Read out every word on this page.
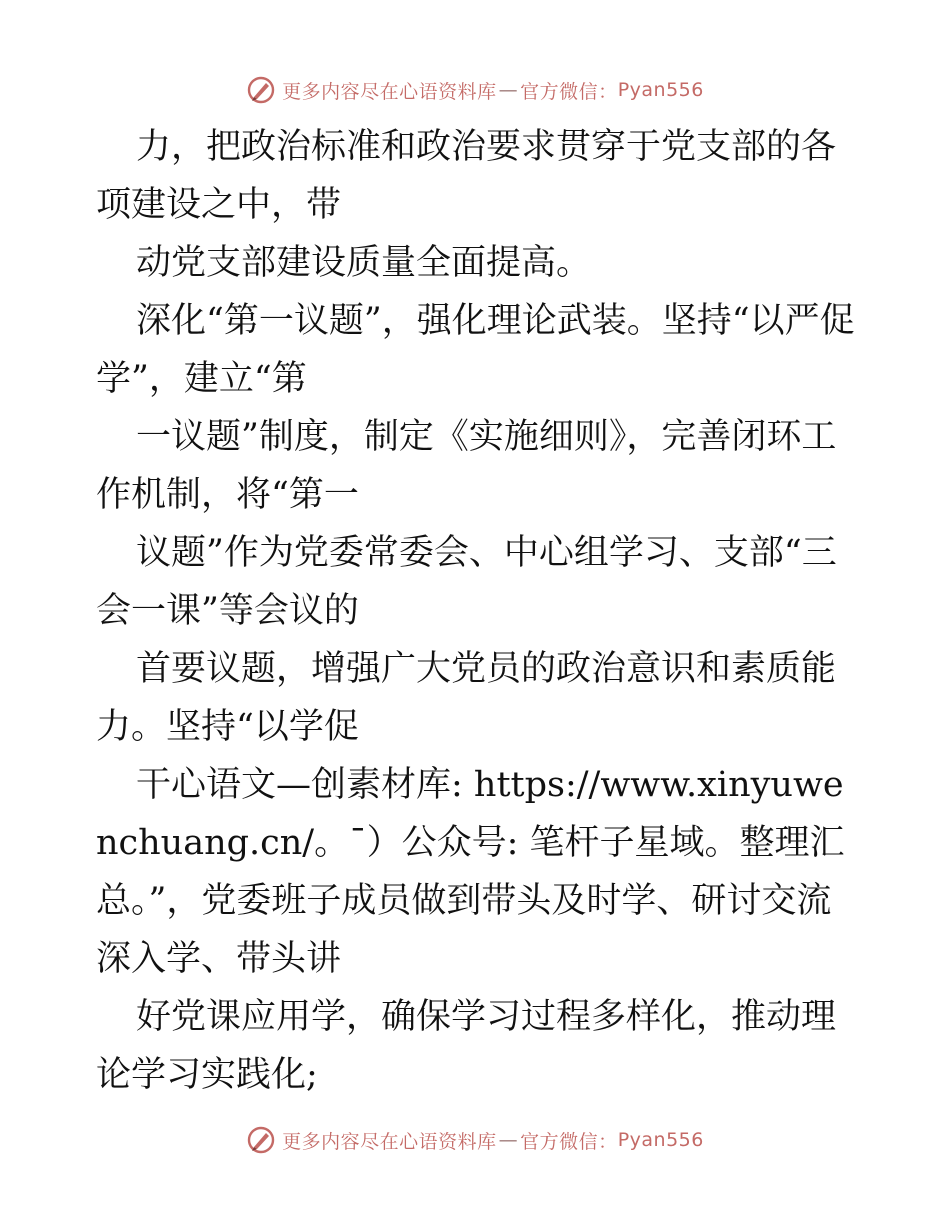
更多内容尽在心语资料库 — 官方微信： Pyan556

力，把政治标准和政治要求贯穿于党支部的各项建设之中，带

动党支部建设质量全面提高。

深化“第一议题”，强化理论武装。坚持“以严促学”，建立“第

一议题”制度，制定《实施细则》，完善闭环工作机制，将“第一

议题”作为党委常委会、中心组学习、支部“三会一课”等会议的

首要议题，增强广大党员的政治意识和素质能力。坚持“以学促

干心语文—创素材库: https://www.xinyuwenchuang.cn/。¯）公众号: 笔杆子星域。整理汇总。”，党委班子成员做到带头及时学、研讨交流深入学、带头讲

好党课应用学，确保学习过程多样化，推动理论学习实践化;

更多内容尽在心语资料库 — 官方微信： Pyan556
